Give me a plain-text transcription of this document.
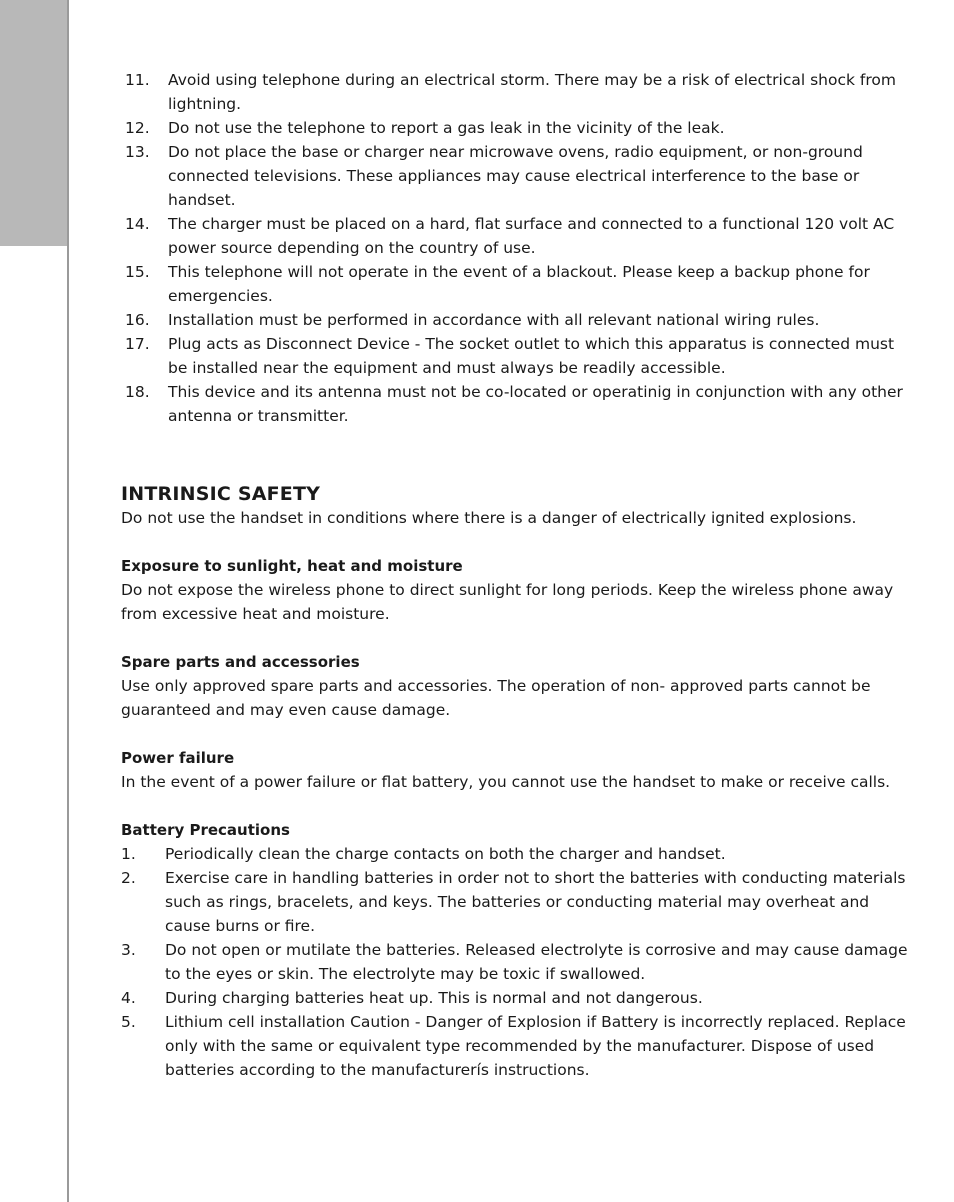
11.	Avoid using telephone during an electrical storm. There may be a risk of electrical shock from lightning.
12.	Do not use the telephone to report a gas leak in the vicinity of the leak.
13.	Do not place the base or charger near microwave ovens, radio equipment, or non-ground connected televisions. These appliances may cause electrical interference to the base or handset.
14.	The charger must be placed on a hard, flat surface and connected to a functional 120 volt AC power source depending on the country of use.
15.	This telephone will not operate in the event of a blackout. Please keep a backup phone for emergencies.
16.	Installation must be performed in accordance with all relevant national wiring rules.
17.	Plug acts as Disconnect Device - The socket outlet to which this apparatus is connected must be installed near the equipment and must always be readily accessible.
18.	This device and its antenna must not be co-located or operatinig in conjunction with any other antenna or transmitter.
INTRINSIC SAFETY

Do not use the handset in conditions where there is a danger of electrically ignited explosions.

Exposure to sunlight, heat and moisture

Do not expose the wireless phone to direct sunlight for long periods. Keep the wireless phone away from excessive heat and moisture.

Spare parts and accessories

Use only approved spare parts and accessories. The operation of non- approved parts cannot be guaranteed and may even cause damage.

Power failure

In the event of a power failure or flat battery, you cannot use the handset to make or receive calls.

Battery Precautions
1.	Periodically clean the charge contacts on both the charger and handset.
2.	Exercise care in handling batteries in order not to short the batteries with conducting materials such as rings, bracelets, and keys. The batteries or conducting material may overheat and cause burns or fire.
3.	Do not open or mutilate the batteries. Released electrolyte is corrosive and may cause damage to the eyes or skin. The electrolyte may be toxic if swallowed.
4.	During charging batteries heat up. This is normal and not dangerous.
5.	Lithium cell installation Caution - Danger of Explosion if Battery is incorrectly replaced. Replace only with the same or equivalent type recommended by the manufacturer. Dispose of used batteries according to the manufacturerís instructions.
